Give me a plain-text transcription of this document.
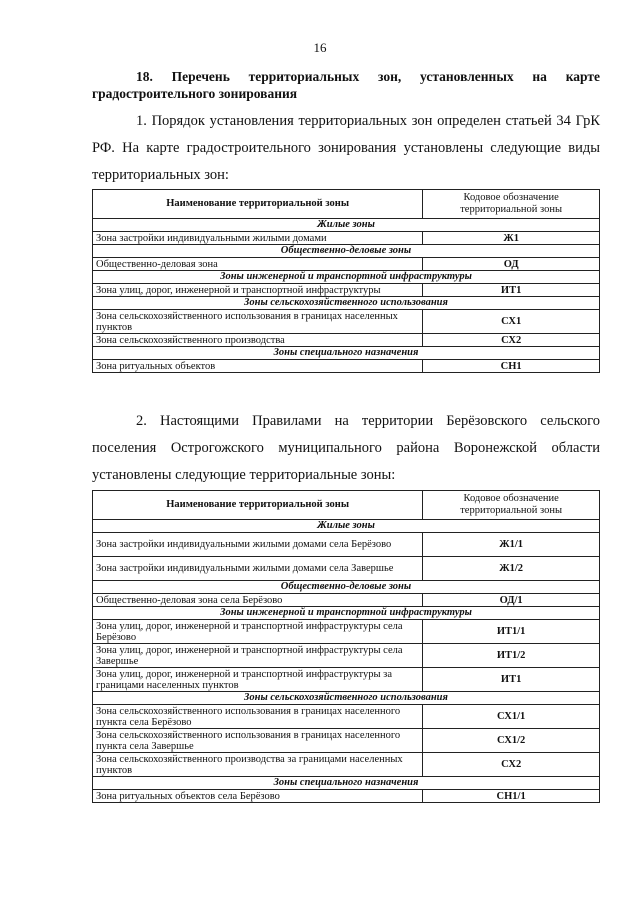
16
18. Перечень территориальных зон, установленных на карте градостроительного зонирования
1. Порядок установления территориальных зон определен статьей 34 ГрК РФ. На карте градостроительного зонирования установлены следующие виды территориальных зон:
Наименование территориальной зоны	Кодовое обозначение территориальной зоны
Жилые зоны	
Зона застройки индивидуальными жилыми домами	Ж1
Общественно-деловые зоны	
Общественно-деловая зона	ОД
Зоны инженерной и транспортной инфраструктуры	
Зона улиц, дорог, инженерной и транспортной инфраструктуры	ИТ1
Зоны сельскохозяйственного использования	
Зона сельскохозяйственного использования в границах населенных пунктов	СХ1
Зона сельскохозяйственного производства	СХ2
Зоны специального назначения	
Зона ритуальных объектов	СН1
2. Настоящими Правилами на территории Берёзовского сельского поселения Острогожского муниципального района Воронежской области установлены следующие территориальные зоны:
Наименование территориальной зоны	Кодовое обозначение территориальной зоны
Жилые зоны	
Зона застройки индивидуальными жилыми домами села Берёзово	Ж1/1
Зона застройки индивидуальными жилыми домами села Завершье	Ж1/2
Общественно-деловые зоны	
Общественно-деловая зона села Берёзово	ОД/1
Зоны инженерной и транспортной инфраструктуры	
Зона улиц, дорог, инженерной и транспортной инфраструктуры села Берёзово	ИТ1/1
Зона улиц, дорог, инженерной и транспортной инфраструктуры села Завершье	ИТ1/2
Зона улиц, дорог, инженерной и транспортной инфраструктуры за границами населенных пунктов	ИТ1
Зоны сельскохозяйственного использования	
Зона сельскохозяйственного использования в границах населенного пункта села Берёзово	СХ1/1
Зона сельскохозяйственного использования в границах населенного пункта села Завершье	СХ1/2
Зона сельскохозяйственного производства за границами населенных пунктов	СХ2
Зоны специального назначения	
Зона ритуальных объектов села Берёзово	СН1/1
